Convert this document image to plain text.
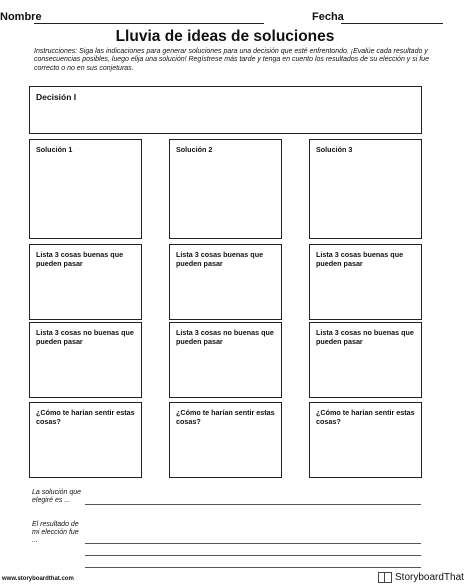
Nombre	Fecha
Lluvia de ideas de soluciones
Instrucciones: Siga las indicaciones para generar soluciones para una decisión que esté enfrentondo. ¡Evalúe cada resultado y consecuencias posibles, luego elija una solución! Regístrese más tarde y tenga en cuento los resultados de su elección y si fue correcto o no en sus conjeturas.
Decisión I
Solución 1
Lista 3 cosas buenas que pueden pasar
Lista 3 cosas no buenas que pueden pasar
¿Cómo te harían sentir estas cosas?
Solución 2
Lista 3 cosas buenas que pueden pasar
Lista 3 cosas no buenas que pueden pasar
¿Cómo te harían sentir estas cosas?
Solución 3
Lista 3 cosas buenas que pueden pasar
Lista 3 cosas no buenas que pueden pasar
¿Cómo te harían sentir estas cosas?
La solución que elegiré es ...
El resultado de mi elección fue ...
www.storyboardthat.com	StoryboardThat
